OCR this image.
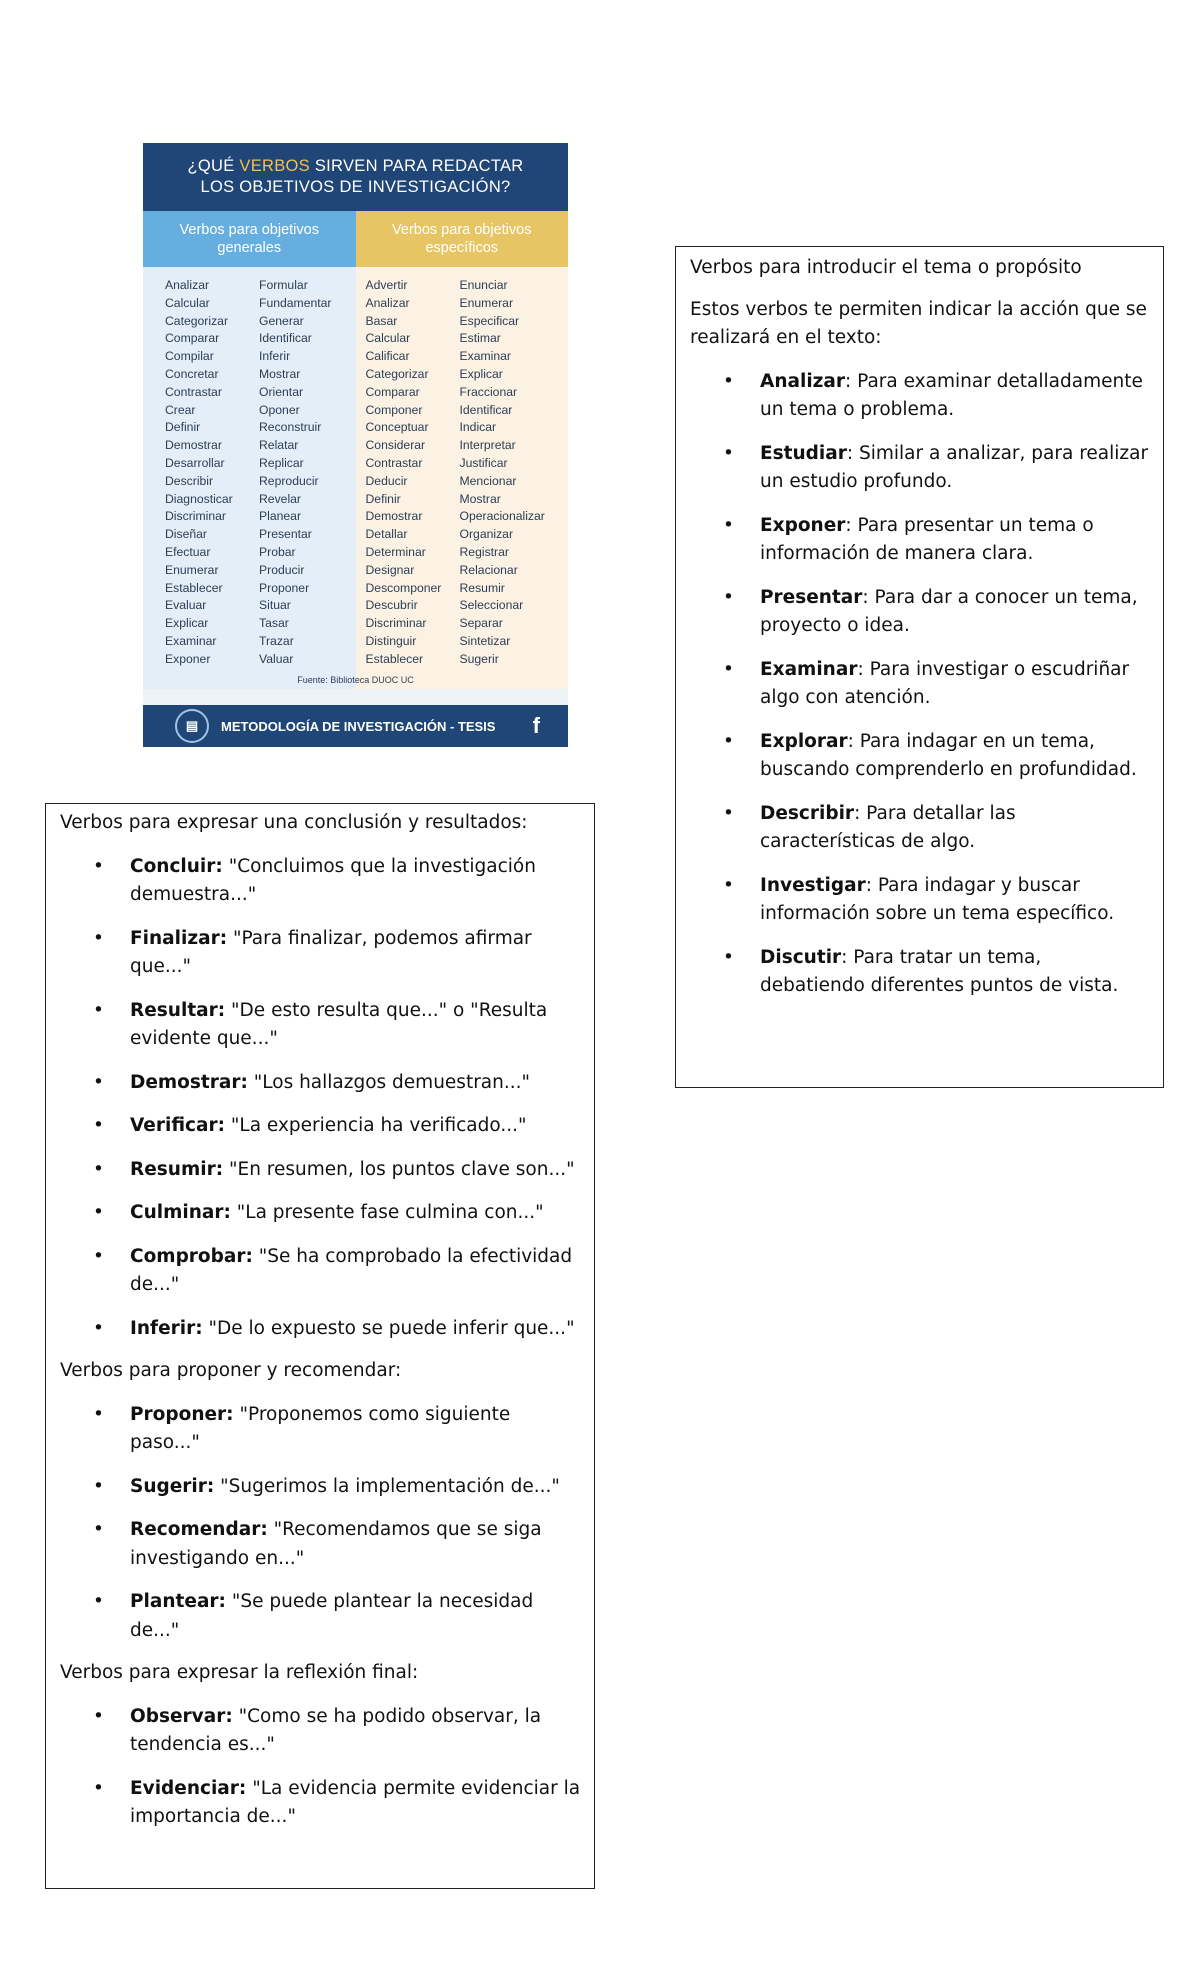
¿QUÉ VERBOS SIRVEN PARA REDACTAR
LOS OBJETIVOS DE INVESTIGACIÓN?
Verbos para objetivos
generales
Analizar
Calcular
Categorizar
Comparar
Compilar
Concretar
Contrastar
Crear
Definir
Demostrar
Desarrollar
Describir
Diagnosticar
Discriminar
Diseñar
Efectuar
Enumerar
Establecer
Evaluar
Explicar
Examinar
Exponer
Formular
Fundamentar
Generar
Identificar
Inferir
Mostrar
Orientar
Oponer
Reconstruir
Relatar
Replicar
Reproducir
Revelar
Planear
Presentar
Probar
Producir
Proponer
Situar
Tasar
Trazar
Valuar
Verbos para objetivos
específicos
Advertir
Analizar
Basar
Calcular
Calificar
Categorizar
Comparar
Componer
Conceptuar
Considerar
Contrastar
Deducir
Definir
Demostrar
Detallar
Determinar
Designar
Descomponer
Descubrir
Discriminar
Distinguir
Establecer
Enunciar
Enumerar
Especificar
Estimar
Examinar
Explicar
Fraccionar
Identificar
Indicar
Interpretar
Justificar
Mencionar
Mostrar
Operacionalizar
Organizar
Registrar
Relacionar
Resumir
Seleccionar
Separar
Sintetizar
Sugerir
Fuente: Biblioteca DUOC UC
▤	METODOLOGÍA DE INVESTIGACIÓN - TESIS f

Verbos para introducir el tema o propósito

Estos verbos te permiten indicar la acción que se realizará en el texto:

• Analizar: Para examinar detalladamente un tema o problema.
• Estudiar: Similar a analizar, para realizar un estudio profundo.
• Exponer: Para presentar un tema o información de manera clara.
• Presentar: Para dar a conocer un tema, proyecto o idea.
• Examinar: Para investigar o escudriñar algo con atención.
• Explorar: Para indagar en un tema, buscando comprenderlo en profundidad.
• Describir: Para detallar las características de algo.
• Investigar: Para indagar y buscar información sobre un tema específico.
• Discutir: Para tratar un tema, debatiendo diferentes puntos de vista.

Verbos para expresar una conclusión y resultados:

• Concluir: "Concluimos que la investigación demuestra..."
• Finalizar: "Para finalizar, podemos afirmar que..."
• Resultar: "De esto resulta que..." o "Resulta evidente que..."
• Demostrar: "Los hallazgos demuestran..."
• Verificar: "La experiencia ha verificado..."
• Resumir: "En resumen, los puntos clave son..."
• Culminar: "La presente fase culmina con..."
• Comprobar: "Se ha comprobado la efectividad de..."
• Inferir: "De lo expuesto se puede inferir que..."

Verbos para proponer y recomendar:

• Proponer: "Proponemos como siguiente paso..."
• Sugerir: "Sugerimos la implementación de..."
• Recomendar: "Recomendamos que se siga investigando en..."
• Plantear: "Se puede plantear la necesidad de..."

Verbos para expresar la reflexión final:

• Observar: "Como se ha podido observar, la tendencia es..."
• Evidenciar: "La evidencia permite evidenciar la importancia de..."
